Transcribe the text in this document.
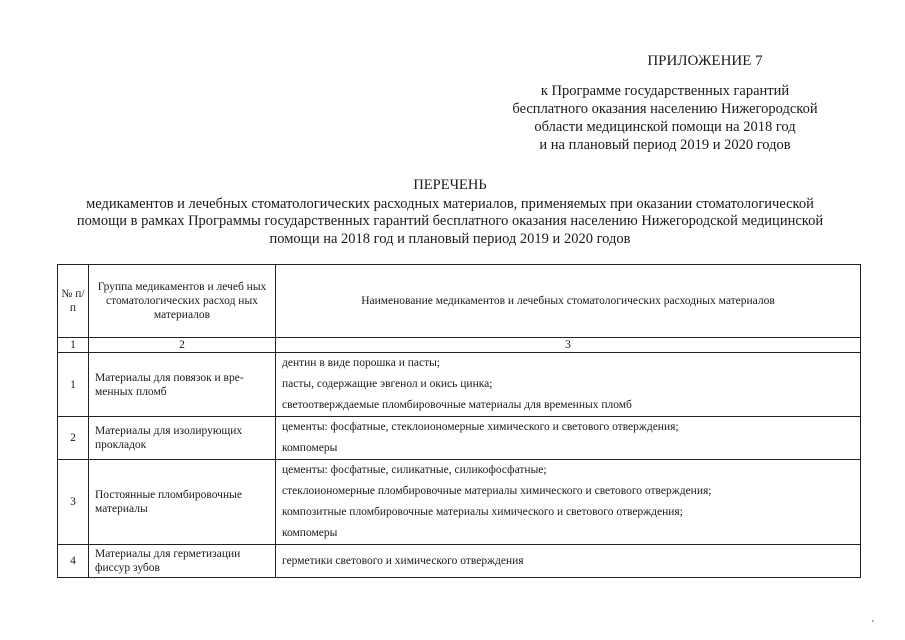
ПРИЛОЖЕНИЕ 7
к Программе государственных гарантий
бесплатного оказания населению Нижегородской
области медицинской помощи на 2018 год
и на плановый период 2019 и 2020 годов
ПЕРЕЧЕНЬ
медикаментов и лечебных стоматологических расходных материалов, применяемых при оказании стоматологической
помощи в рамках Программы государственных гарантий бесплатного оказания населению Нижегородской медицинской
помощи на 2018 год и плановый период 2019 и 2020 годов
№ п/п	Группа медикаментов и лечеб ных стоматологических расход ных материалов	Наименование медикаментов и лечебных стоматологических расходных материалов
1	2	3
1	Материалы для повязок и вре-менных пломб	дентин в виде порошка и пасты;
пасты, содержащие эвгенол и окись цинка;
светоотверждаемые пломбировочные материалы для временных пломб

2	Материалы для изолирующих прокладок	цементы: фосфатные, стеклоиономерные химического и светового отверждения;
компомеры

3	Постоянные пломбировочные материалы	цементы: фосфатные, силикатные, силикофосфатные;
стеклоиономерные пломбировочные материалы химического и светового отверждения;
композитные пломбировочные материалы химического и светового отверждения;
компомеры

4	Материалы для герметизации фиссур зубов	герметики светового и химического отверждения
'
